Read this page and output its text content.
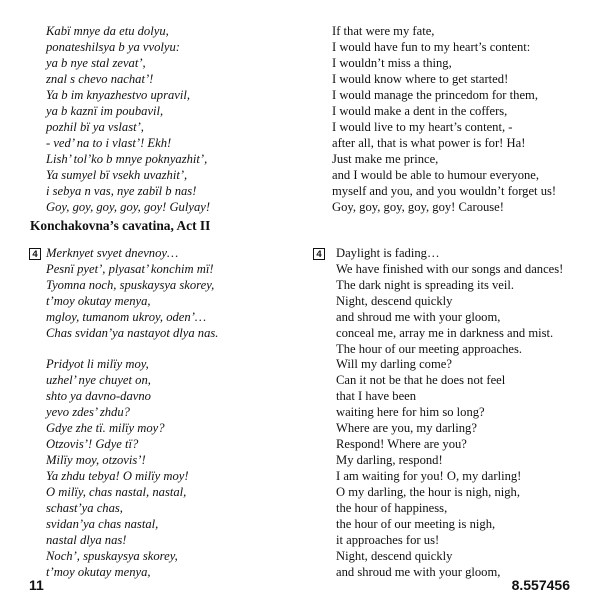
Kabï mnye da etu dolyu,
ponateshilsya b ya vvolyu:
ya b nye stal zevat’,
znal s chevo nachat’!
Ya b im knyazhestvo upravil,
ya b kaznï im poubavil,
pozhil bï ya vslast’,
- ved’ na to i vlast’! Ekh!
Lish’ tol’ko b mnye poknyazhit’,
Ya sumyel bï vsekh uvazhit’,
i sebya n vas, nye zabïl b nas!
Goy, goy, goy, goy, goy! Gulyay!
If that were my fate,
I would have fun to my heart’s content:
I wouldn’t miss a thing,
I would know where to get started!
I would manage the princedom for them,
I would make a dent in the coffers,
I would live to my heart’s content, -
after all, that is what power is for! Ha!
Just make me prince,
and I would be able to humour everyone,
myself and you, and you wouldn’t forget us!
Goy, goy, goy, goy, goy! Carouse!
Konchakovna’s cavatina, Act II
4	4
Merknyet svyet dnevnoy…
Pesnï pyet’, plyasat’ konchim mï!
Tyomna noch, spuskaysya skorey,
t’moy okutay menya,
mgloy, tumanom ukroy, oden’…
Chas svidan’ya nastayot dlya nas.
Daylight is fading…
We have finished with our songs and dances!
The dark night is spreading its veil.
Night, descend quickly
and shroud me with your gloom,
conceal me, array me in darkness and mist.
The hour of our meeting approaches.
Pridyot li milïy moy,
uzhel’ nye chuyet on,
shto ya davno-davno
yevo zdes’ zhdu?
Gdye zhe tï. milïy moy?
Otzovis’! Gdye tï?
Milïy moy, otzovis’!
Ya zhdu tebya! O milïy moy!
O milïy, chas nastal, nastal,
schast’ya chas,
svidan’ya chas nastal,
nastal dlya nas!
Noch’, spuskaysya skorey,
t’moy okutay menya,
Will my darling come?
Can it not be that he does not feel
that I have been
waiting here for him so long?
Where are you, my darling?
Respond! Where are you?
My darling, respond!
I am waiting for you! O, my darling!
O my darling, the hour is nigh, nigh,
the hour of happiness,
the hour of our meeting is nigh,
it approaches for us!
Night, descend quickly
and shroud me with your gloom,
11	8.557456
